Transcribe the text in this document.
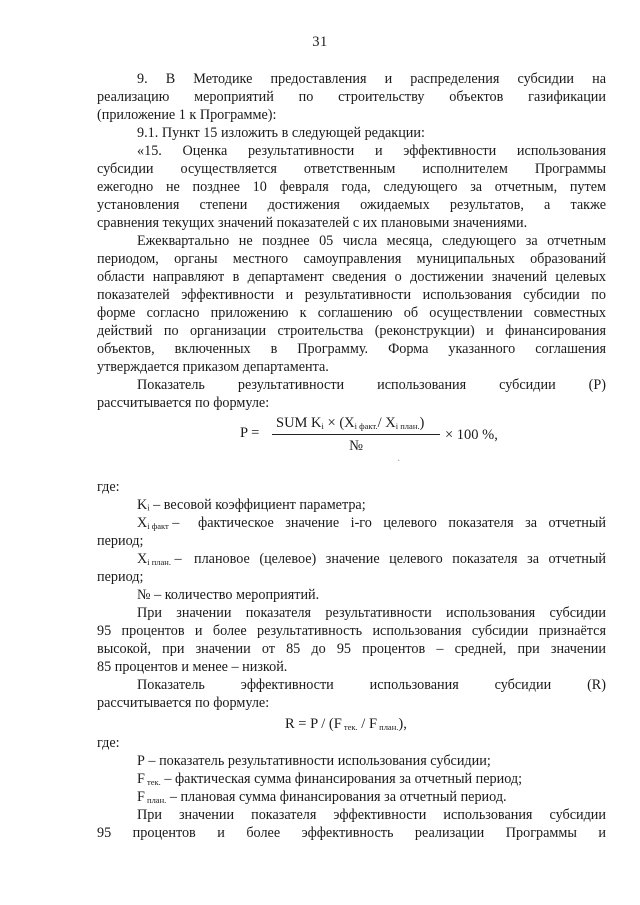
31
9. В Методике предоставления и распределения субсидии на
реализацию мероприятий по строительству объектов газификации
(приложение 1 к Программе):
9.1. Пункт 15 изложить в следующей редакции:
«15. Оценка результативности и эффективности использования
субсидии осуществляется ответственным исполнителем Программы
ежегодно не позднее 10 февраля года, следующего за отчетным, путем
установления степени достижения ожидаемых результатов, а также
сравнения текущих значений показателей с их плановыми значениями.
Ежеквартально не позднее 05 числа месяца, следующего за отчетным
периодом, органы местного самоуправления муниципальных образований
области направляют в департамент сведения о достижении значений целевых
показателей эффективности и результативности использования субсидии по
форме согласно приложению к соглашению об осуществлении совместных
действий по организации строительства (реконструкции) и финансирования
объектов, включенных в Программу. Форма указанного соглашения
утверждается приказом департамента.
Показатель результативности использования субсидии (Р)
рассчитывается по формуле:
P =
SUM $K_i \times (X_{i факт.}/$ $X_{i план.}$)
№
× 100 %,
·
где:
Kᵢ – весовой коэффициент параметра;
$X_{i факт}$ – фактическое значение i-го целевого показателя за отчетный
период;
$X_{i план.}$ – плановое (целевое) значение целевого показателя за отчетный
период;
№ – количество мероприятий.
При значении показателя результативности использования субсидии
95 процентов и более результативность использования субсидии признаётся
высокой, при значении от 85 до 95 процентов – средней, при значении
85 процентов и менее – низкой.
Показатель эффективности использования субсидии (R)
рассчитывается по формуле:
R = P / (F $_{тек.}$ / F $_{план.}$),
где:
Р – показатель результативности использования субсидии;
F $_{тек.}$ – фактическая сумма финансирования за отчетный период;
F $_{план.}$ – плановая сумма финансирования за отчетный период.
При значении показателя эффективности использования субсидии
95 процентов и более эффективность реализации Программы и
